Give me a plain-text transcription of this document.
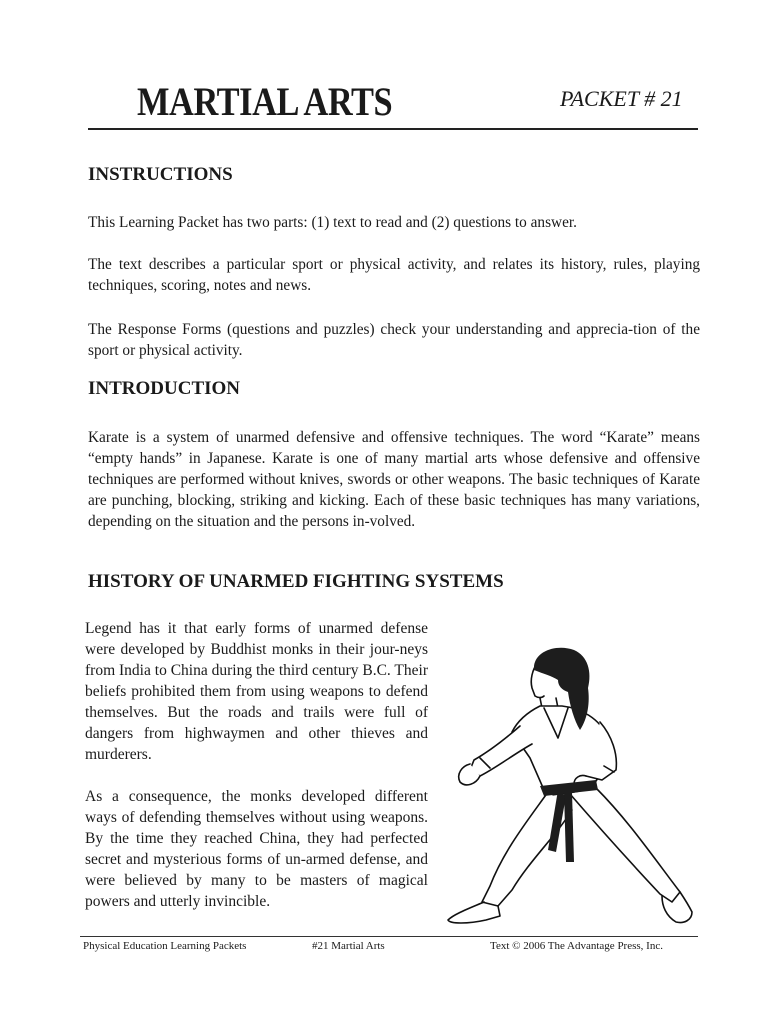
MARTIAL ARTS	PACKET # 21
INSTRUCTIONS

This Learning Packet has two parts: (1) text to read and (2) questions to answer.

The text describes a particular sport or physical activity, and relates its history, rules, playing techniques, scoring, notes and news.

The Response Forms (questions and puzzles) check your understanding and apprecia-tion of the sport or physical activity.

INTRODUCTION

Karate is a system of unarmed defensive and offensive techniques. The word “Karate” means “empty hands” in Japanese. Karate is one of many martial arts whose defensive and offensive techniques are performed without knives, swords or other weapons. The basic techniques of Karate are punching, blocking, striking and kicking. Each of these basic techniques has many variations, depending on the situation and the persons in-volved.

HISTORY OF UNARMED FIGHTING SYSTEMS

Legend has it that early forms of unarmed defense were developed by Buddhist monks in their jour-neys from India to China during the third century B.C. Their beliefs prohibited them from using weapons to defend themselves. But the roads and trails were full of dangers from highwaymen and other thieves and murderers.

As a consequence, the monks developed different ways of defending themselves without using weapons. By the time they reached China, they had perfected secret and mysterious forms of un-armed defense, and were believed by many to be masters of magical powers and utterly invincible.

Physical Education Learning Packets	#21 Martial Arts	Text © 2006 The Advantage Press, Inc.
